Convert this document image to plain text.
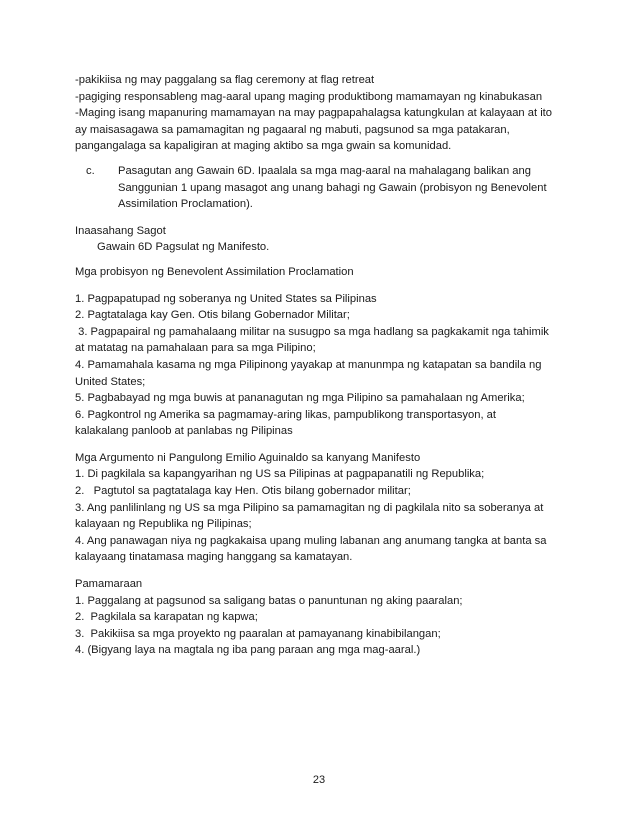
-pakikiisa ng may paggalang sa flag ceremony at flag retreat
-pagiging responsableng mag-aaral upang maging produktibong mamamayan ng kinabukasan
-Maging isang mapanuring mamamayan na may pagpapahalagsa katungkulan at kalayaan at ito
ay maisasagawa sa pamamagitan ng pagaaral ng mabuti, pagsunod sa mga patakaran,
pangangalaga sa kapaligiran at maging aktibo sa mga gwain sa komunidad.
c. Pasagutan ang Gawain 6D. Ipaalala sa mga mag-aaral na mahalagang balikan ang
Sanggunian 1 upang masagot ang unang bahagi ng Gawain (probisyon ng Benevolent
Assimilation Proclamation).
Inaasahang Sagot
Gawain 6D Pagsulat ng Manifesto.
Mga probisyon ng Benevolent Assimilation Proclamation
1. Pagpapatupad ng soberanya ng United States sa Pilipinas
2. Pagtatalaga kay Gen. Otis bilang Gobernador Militar;
3. Pagpapairal ng pamahalaang militar na susugpo sa mga hadlang sa pagkakamit nga tahimik
at matatag na pamahalaan para sa mga Pilipino;
4. Pamamahala kasama ng mga Pilipinong yayakap at manunmpa ng katapatan sa bandila ng
United States;
5. Pagbabayad ng mga buwis at pananagutan ng mga Pilipino sa pamahalaan ng Amerika;
6. Pagkontrol ng Amerika sa pagmamay-aring likas, pampublikong transportasyon, at
kalakalang panloob at panlabas ng Pilipinas
Mga Argumento ni Pangulong Emilio Aguinaldo sa kanyang Manifesto
1. Di pagkilala sa kapangyarihan ng US sa Pilipinas at pagpapanatili ng Republika;
2.   Pagtutol sa pagtatalaga kay Hen. Otis bilang gobernador militar;
3. Ang panlilinlang ng US sa mga Pilipino sa pamamagitan ng di pagkilala nito sa soberanya at
kalayaan ng Republika ng Pilipinas;
4. Ang panawagan niya ng pagkakaisa upang muling labanan ang anumang tangka at banta sa
kalayaang tinatamasa maging hanggang sa kamatayan.
Pamamaraan
1. Paggalang at pagsunod sa saligang batas o panuntunan ng aking paaralan;
2.  Pagkilala sa karapatan ng kapwa;
3.  Pakikiisa sa mga proyekto ng paaralan at pamayanang kinabibilangan;
4. (Bigyang laya na magtala ng iba pang paraan ang mga mag-aaral.)
23
